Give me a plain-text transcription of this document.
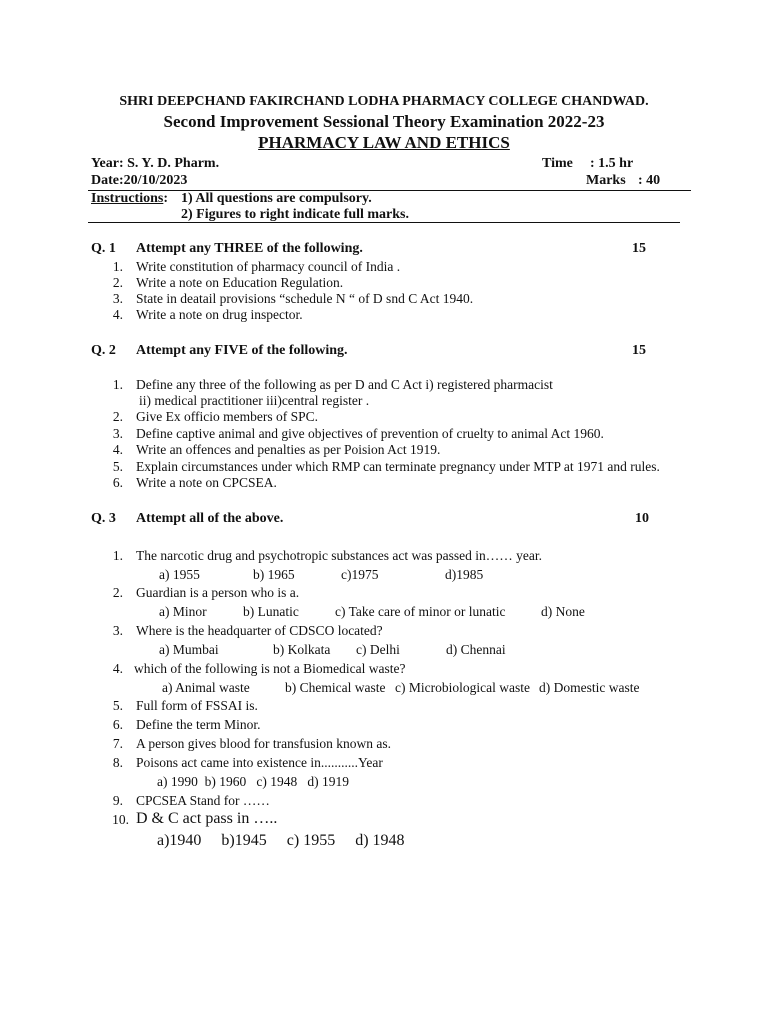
SHRI DEEPCHAND FAKIRCHAND LODHA PHARMACY COLLEGE CHANDWAD.
Second Improvement Sessional Theory Examination 2022-23
PHARMACY LAW AND ETHICS
Year: S. Y. D. Pharm.	Time : 1.5 hr
Date:20/10/2023	Marks : 40
Instructions: 1) All questions are compulsory.
2) Figures to right indicate full marks.
Q. 1 Attempt any THREE of the following.	15
1. Write constitution of pharmacy council of India .
2. Write a note on Education Regulation.
3. State in deatail provisions “schedule N “ of D snd C Act 1940.
4. Write a note on drug inspector.
Q. 2 Attempt any FIVE of the following.	15
1. Define any three of the following as per D and C Act i) registered pharmacist
ii) medical practitioner iii)central register .
2. Give Ex officio members of SPC.
3. Define captive animal and give objectives of prevention of cruelty to animal Act 1960.
4. Write an offences and penalties as per Poision Act 1919.
5. Explain circumstances under which RMP can terminate pregnancy under MTP at 1971 and rules.
6. Write a note on CPCSEA.
Q. 3 Attempt all of the above.	10
1. The narcotic drug and psychotropic substances act was passed in…… year.
a) 1955	b) 1965	c)1975	d)1985
2. Guardian is a person who is a.
a) Minor	b) Lunatic	c) Take care of minor or lunatic	d) None
3. Where is the headquarter of CDSCO located?
a) Mumbai	b) Kolkata c) Delhi	d) Chennai
4. which of the following is not a Biomedical waste?
a) Animal waste	b) Chemical waste c) Microbiological waste d) Domestic waste
5. Full form of FSSAI is.
6. Define the term Minor.
7. A person gives blood for transfusion known as.
8. Poisons act came into existence in...........Year
a) 1990  b) 1960   c) 1948   d) 1919
9. CPCSEA Stand for ……
10. D & C act pass in …..
a)1940     b)1945     c) 1955     d) 1948
